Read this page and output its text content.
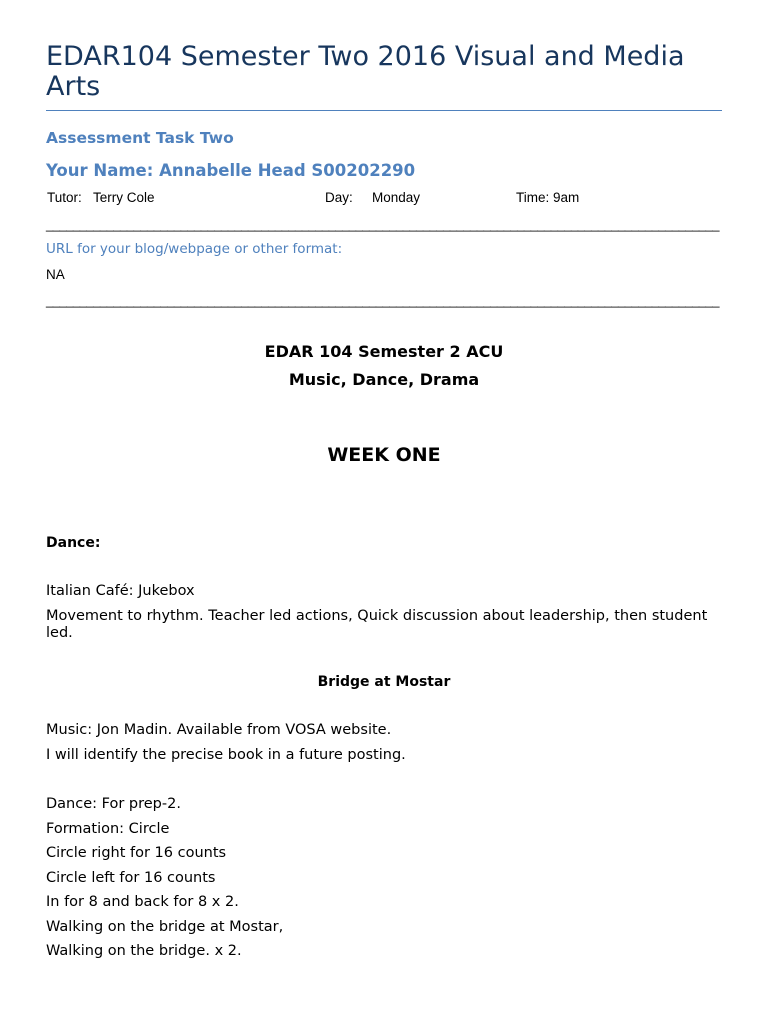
EDAR104 Semester Two 2016 Visual and Media Arts
Assessment Task Two
Your Name: Annabelle Head S00202290
Tutor: Terry Cole	Day: Monday	Time: 9am
____________________________________________________________________________________________________
URL for your blog/webpage or other format:
NA
____________________________________________________________________________________________________
EDAR 104 Semester 2 ACU
Music, Dance, Drama
WEEK ONE
Dance:

Italian Café: Jukebox

Movement to rhythm. Teacher led actions, Quick discussion about leadership, then student led.

Bridge at Mostar

Music: Jon Madin. Available from VOSA website.

I will identify the precise book in a future posting.

Dance: For prep-2.
Formation: Circle
Circle right for 16 counts
Circle left for 16 counts
In for 8 and back for 8 x 2.
Walking on the bridge at Mostar,
Walking on the bridge. x 2.
